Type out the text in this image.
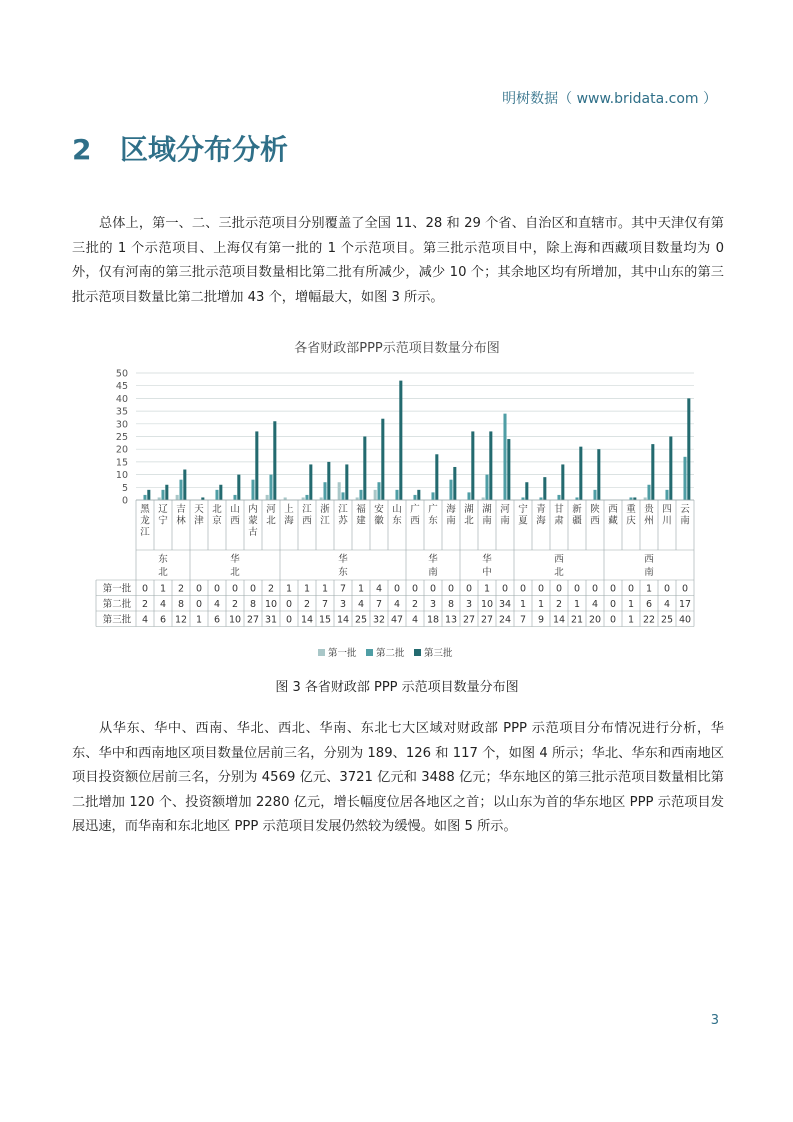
明树数据（ www.bridata.com ）
2	区域分布分析

总体上，第一、二、三批示范项目分别覆盖了全国 11、28 和 29 个省、自治区和直辖市。其中天津仅有第三批的 1 个示范项目、上海仅有第一批的 1 个示范项目。第三批示范项目中，除上海和西藏项目数量均为 0 外，仅有河南的第三批示范项目数量相比第二批有所减少，减少 10 个；其余地区均有所增加，其中山东的第三批示范项目数量比第二批增加 43 个，增幅最大，如图 3 所示。

各省财政部PPP示范项目数量分布图
0
5
10
15
20
25
30
35
40
45
50
黑龙江
辽宁
吉林
天津
北京
山西
内蒙古
河北
上海
江西
浙江
江苏
福建
安徽
山东
广西
广东
海南
湖北
湖南
河南
宁夏
青海
甘肃
新疆
陕西
西藏
重庆
贵州
四川
云南
东北
华北
华东
华南
华中
西北
西南
第一批 0 1 2 0 0 0 0 2 1 1 1 7 1 4 0 0 0 0 0 1 0 0 0 0 0 0 0 0 1 0 0
第二批 2 4 8 0 4 2 8 10 0 2 7 3 4 7 4 2 3 8 3 10 34 1 1 2 1 4 0 1 6 4 17
第三批 4 6 12 1 6 10 27 31 0 14 15 14 25 32 47 4 18 13 27 27 24 7 9 14 21 20 0 1 22 25 40
第一批 第二批 第三批
图 3 各省财政部 PPP 示范项目数量分布图

从华东、华中、西南、华北、西北、华南、东北七大区域对财政部 PPP 示范项目分布情况进行分析，华东、华中和西南地区项目数量位居前三名，分别为 189、126 和 117 个，如图 4 所示；华北、华东和西南地区项目投资额位居前三名，分别为 4569 亿元、3721 亿元和 3488 亿元；华东地区的第三批示范项目数量相比第二批增加 120 个、投资额增加 2280 亿元，增长幅度位居各地区之首；以山东为首的华东地区 PPP 示范项目发展迅速，而华南和东北地区 PPP 示范项目发展仍然较为缓慢。如图 5 所示。

3
